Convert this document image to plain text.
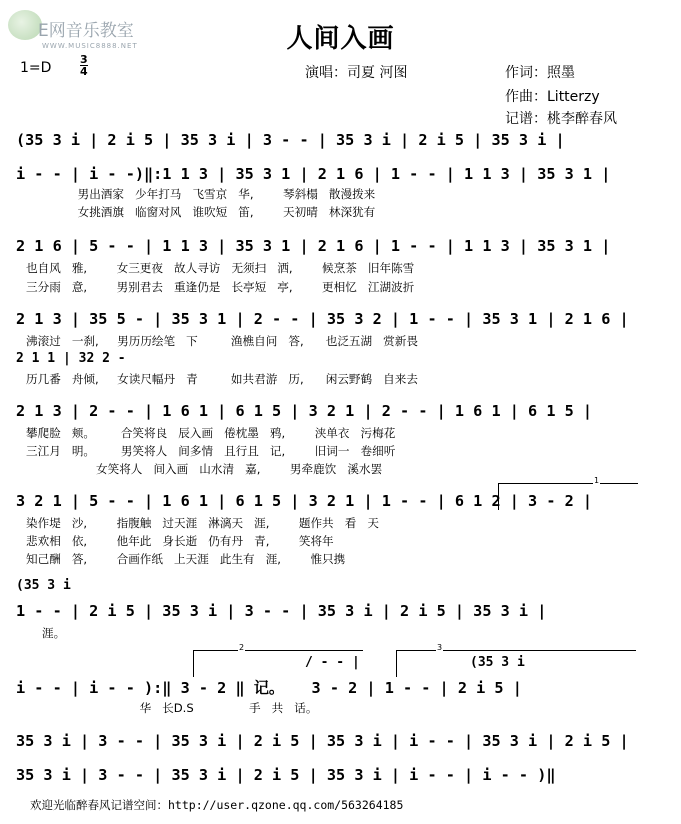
E网音乐教室

WWW.MUSIC8888.NET	人间入画
1=D	$\frac{3}{4}$	演唱：司夏 河图	作词：照墨
作曲：Litterzy
记谱：桃李醉春风
(35 3 i | 2 i 5 | 35 3 i | 3 - - | 35 3 i | 2 i 5 | 35 3 i |
i - - | i - -)‖:1 1 3 | 35 3 1 | 2 1 6 | 1 - - | 1 1 3 | 35 3 1 |
男出酒家   少年打马   飞雪京   华,        琴斜榻   散漫拨来
女挑酒旗   临窗对风   谁吹短   笛,        天初晴   林深犹有
2 1 6 | 5 - - | 1 1 3 | 35 3 1 | 2 1 6 | 1 - - | 1 1 3 | 35 3 1 |
也自风   雅,        女三更夜   故人寻访   无须扫   洒,        候烹茶   旧年陈雪
三分雨   意,        男别君去   重逢仍是   长亭短   亭,        更相忆   江湖波折
2 1 3 | 35 5 - | 35 3 1 | 2 - - | 35 3 2 | 1 - - | 35 3 1 | 2 1 6 |
沸滚过   一刹,     男历历绘笔   下         渔樵自问   答,      也泛五湖   赏新畏
2 1 1 | 32 2 -
历几番   舟倾,     女读尺幅丹   青         如共君游   历,      闲云野鹤   自来去
2 1 3 | 2 - - | 1 6 1 | 6 1 5 | 3 2 1 | 2 - - | 1 6 1 | 6 1 5 |
攀爬脸   颊。       合笑将良   辰入画   倦枕墨   鸦,        浃单衣   污梅花
三江月   明。       男笑将人   间多情   且行且   记,        旧词一   卷细听
女笑将人   间入画   山水清   嘉,        男牵鹿饮   溪水罢
1
3 2 1 | 5 - - | 1 6 1 | 6 1 5 | 3 2 1 | 1 - - | 6 1 2 | 3 - 2 |
染作堤   沙,        指腹触   过天涯   淋漓天   涯,        题作共   看   天
悲欢相   依,        他年此   身长逝   仍有丹   青,        笑将年
知己酬   答,        合画作纸   上天涯   此生有   涯,        惟只携
(35 3 i
1 - - | 2 i 5 | 35 3 i | 3 - - | 35 3 i | 2 i 5 | 35 3 i |
涯。
2	3
/ - - |	(35 3 i
i - - | i - - ):‖ 3 - 2 ‖ 记。   3 - 2 | 1 - - | 2 i 5 |
华   长D.S               手   共   话。
35 3 i | 3 - - | 35 3 i | 2 i 5 | 35 3 i | i - - | 35 3 i | 2 i 5 |
35 3 i | 3 - - | 35 3 i | 2 i 5 | 35 3 i | i - - | i - - )‖
欢迎光临醉春风记谱空间：http://user.qzone.qq.com/563264185
